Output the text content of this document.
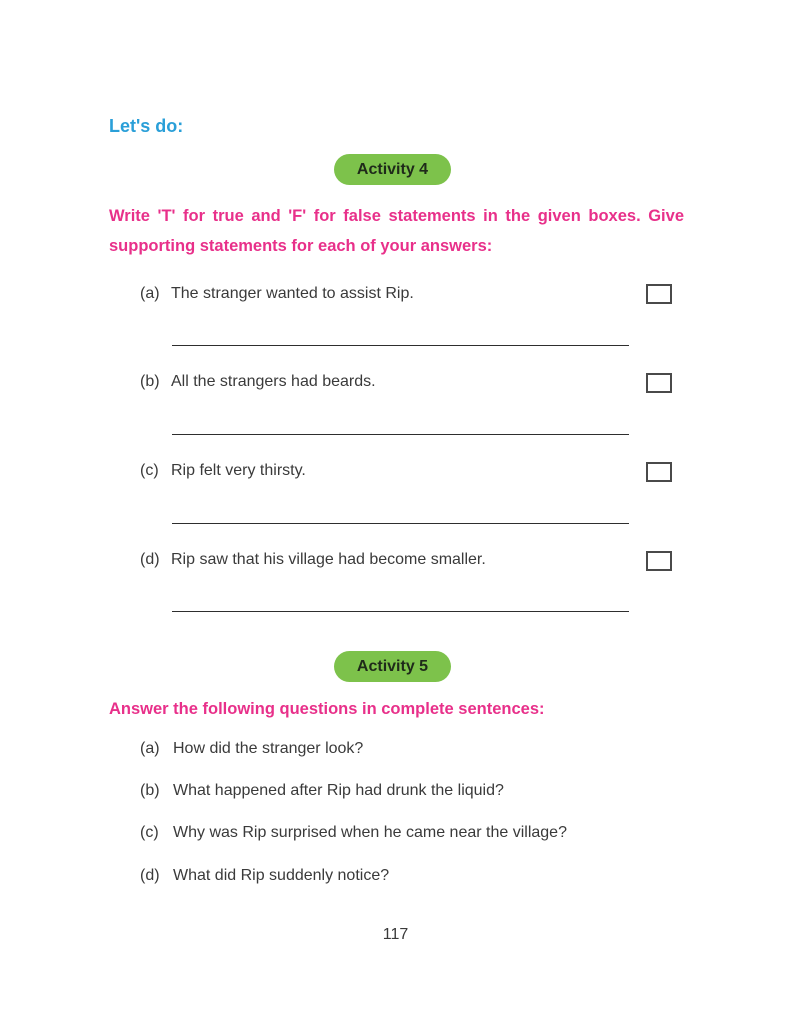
Let's do:
Activity 4
Write 'T' for true and 'F' for false statements in the given boxes. Give supporting statements for each of your answers:
(a) The stranger wanted to assist Rip.
(b) All the strangers had beards.
(c) Rip felt very thirsty.
(d) Rip saw that his village had become smaller.
Activity 5
Answer the following questions in complete sentences:
(a) How did the stranger look?
(b) What happened after Rip had drunk the liquid?
(c) Why was Rip surprised when he came near the village?
(d) What did Rip suddenly notice?
117
